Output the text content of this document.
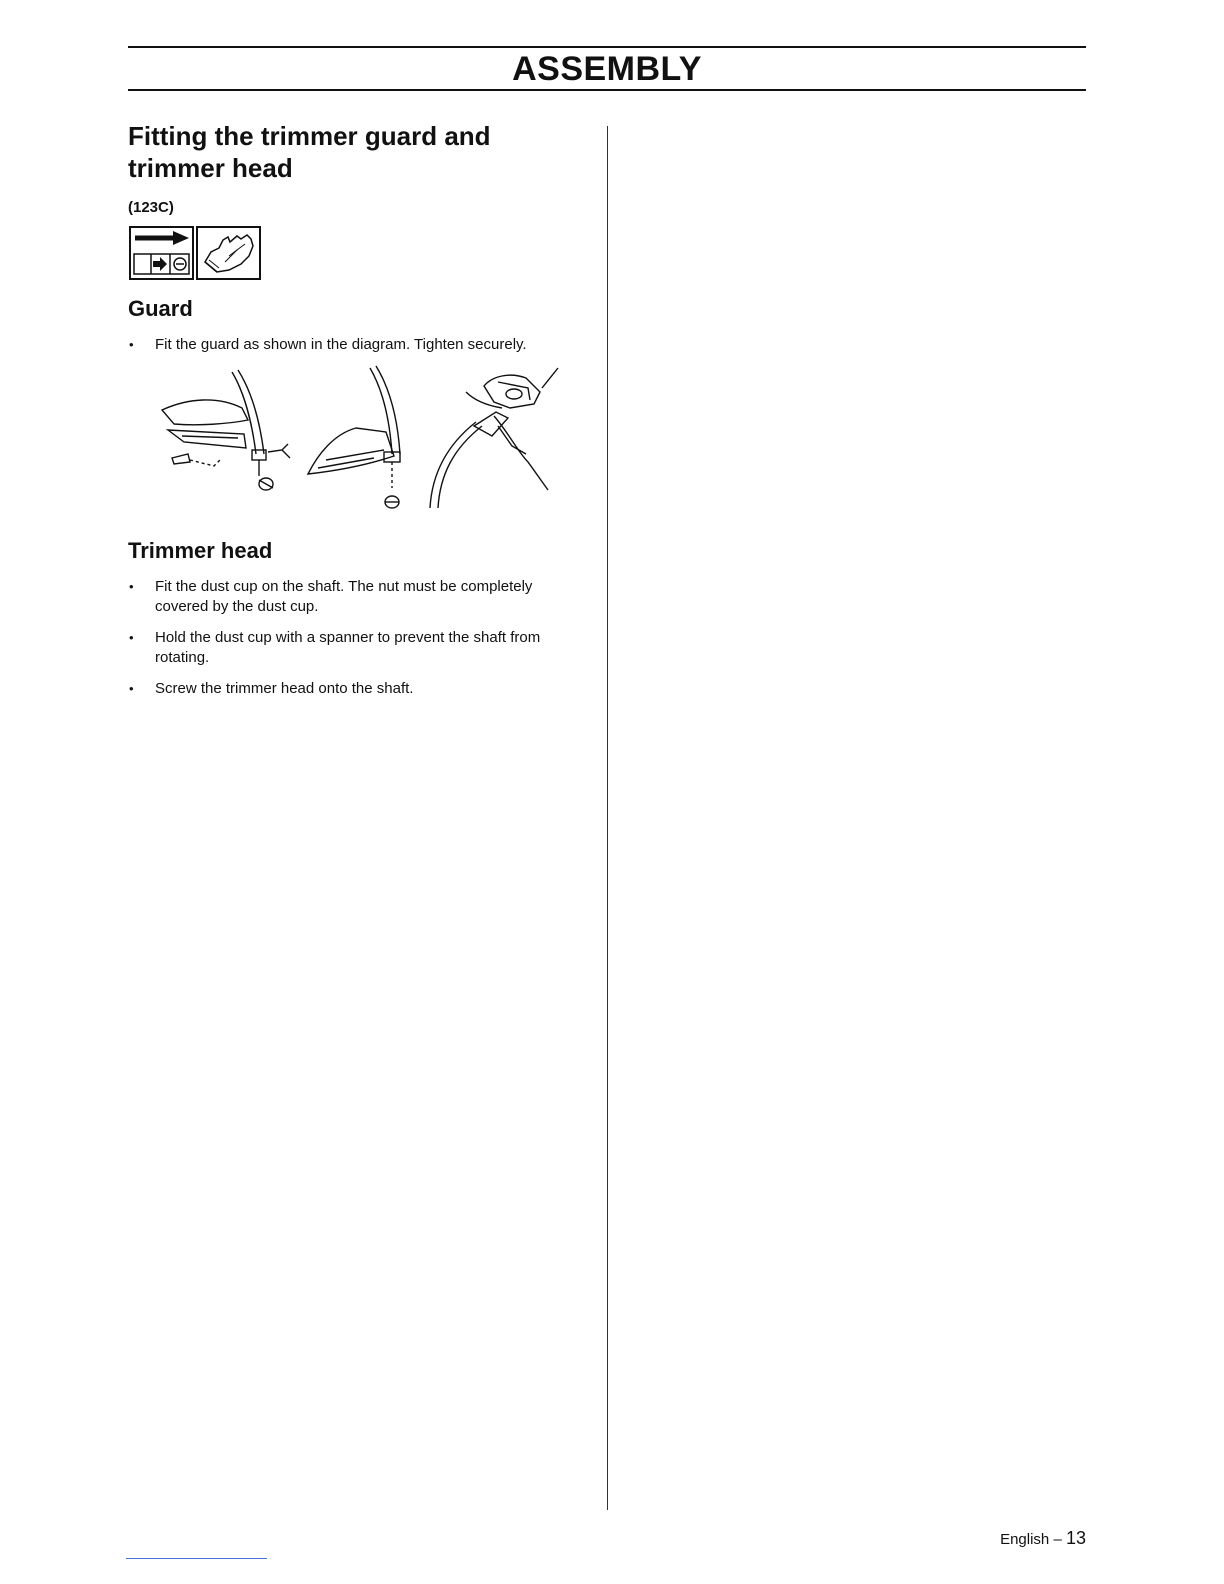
ASSEMBLY
Fitting the trimmer guard and trimmer head
(123C)
Guard
• Fit the guard as shown in the diagram. Tighten securely.
Trimmer head
• Fit the dust cup on the shaft. The nut must be completely covered by the dust cup.
• Hold the dust cup with a spanner to prevent the shaft from rotating.
• Screw the trimmer head onto the shaft.
English – 13
